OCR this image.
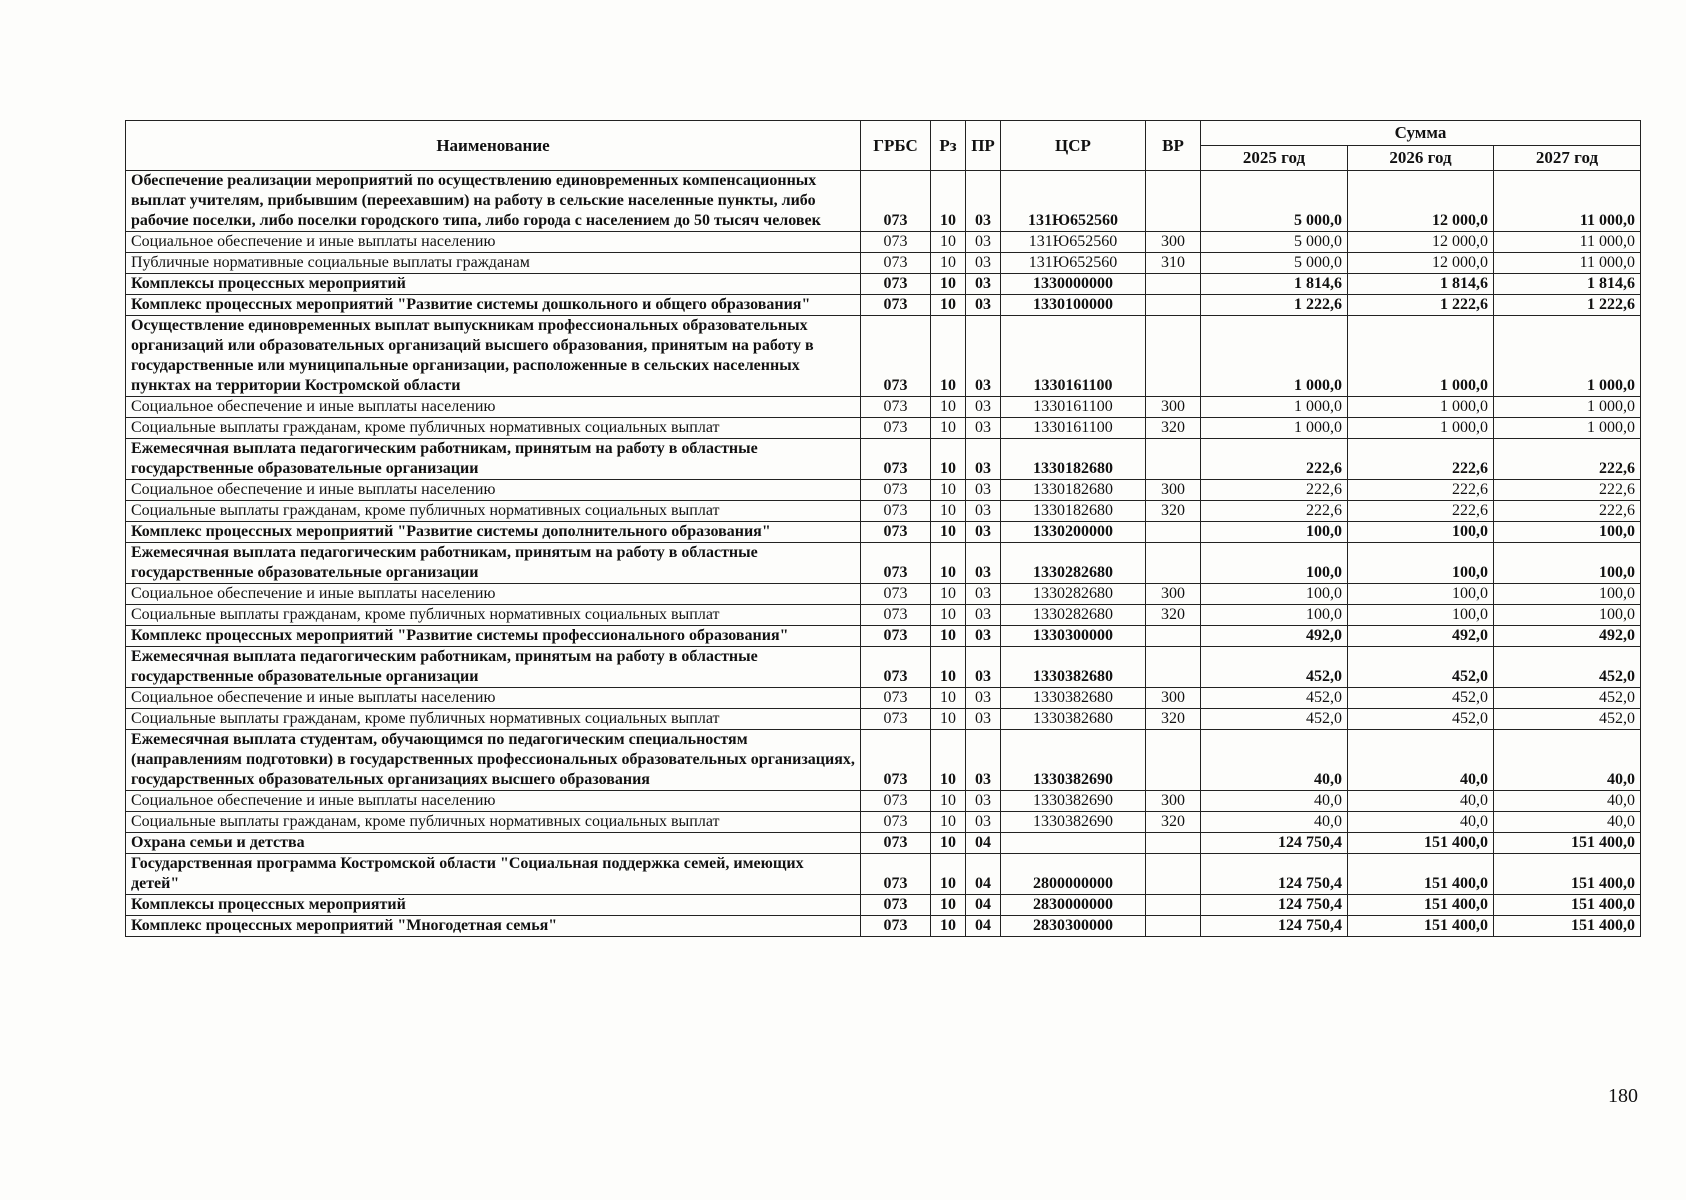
Наименование	ГРБС	Рз	ПР	ЦСР	ВР	Сумма		
						2025 год	2026 год	2027 год
Обеспечение реализации мероприятий по осуществлению единовременных компенсационных выплат учителям, прибывшим (переехавшим) на работу в сельские населенные пункты, либо рабочие поселки, либо поселки городского типа, либо города с населением до 50 тысяч человек	073	10	03	131Ю652560		5 000,0	12 000,0	11 000,0
Социальное обеспечение и иные выплаты населению	073	10	03	131Ю652560	300	5 000,0	12 000,0	11 000,0
Публичные нормативные социальные выплаты гражданам	073	10	03	131Ю652560	310	5 000,0	12 000,0	11 000,0
Комплексы процессных мероприятий	073	10	03	1330000000		1 814,6	1 814,6	1 814,6
Комплекс процессных мероприятий "Развитие системы дошкольного и общего образования"	073	10	03	1330100000		1 222,6	1 222,6	1 222,6
Осуществление единовременных выплат выпускникам профессиональных образовательных организаций или образовательных организаций высшего образования, принятым на работу в государственные или муниципальные организации, расположенные в сельских населенных пунктах на территории Костромской области	073	10	03	1330161100		1 000,0	1 000,0	1 000,0
Социальное обеспечение и иные выплаты населению	073	10	03	1330161100	300	1 000,0	1 000,0	1 000,0
Социальные выплаты гражданам, кроме публичных нормативных социальных выплат	073	10	03	1330161100	320	1 000,0	1 000,0	1 000,0
Ежемесячная выплата педагогическим работникам, принятым на работу в областные государственные образовательные организации	073	10	03	1330182680		222,6	222,6	222,6
Социальное обеспечение и иные выплаты населению	073	10	03	1330182680	300	222,6	222,6	222,6
Социальные выплаты гражданам, кроме публичных нормативных социальных выплат	073	10	03	1330182680	320	222,6	222,6	222,6
Комплекс процессных мероприятий "Развитие системы дополнительного образования"	073	10	03	1330200000		100,0	100,0	100,0
Ежемесячная выплата педагогическим работникам, принятым на работу в областные государственные образовательные организации	073	10	03	1330282680		100,0	100,0	100,0
Социальное обеспечение и иные выплаты населению	073	10	03	1330282680	300	100,0	100,0	100,0
Социальные выплаты гражданам, кроме публичных нормативных социальных выплат	073	10	03	1330282680	320	100,0	100,0	100,0
Комплекс процессных мероприятий "Развитие системы профессионального образования"	073	10	03	1330300000		492,0	492,0	492,0
Ежемесячная выплата педагогическим работникам, принятым на работу в областные государственные образовательные организации	073	10	03	1330382680		452,0	452,0	452,0
Социальное обеспечение и иные выплаты населению	073	10	03	1330382680	300	452,0	452,0	452,0
Социальные выплаты гражданам, кроме публичных нормативных социальных выплат	073	10	03	1330382680	320	452,0	452,0	452,0
Ежемесячная выплата студентам, обучающимся по педагогическим специальностям (направлениям подготовки) в государственных профессиональных образовательных организациях, государственных образовательных организациях высшего образования	073	10	03	1330382690		40,0	40,0	40,0
Социальное обеспечение и иные выплаты населению	073	10	03	1330382690	300	40,0	40,0	40,0
Социальные выплаты гражданам, кроме публичных нормативных социальных выплат	073	10	03	1330382690	320	40,0	40,0	40,0
Охрана семьи и детства	073	10	04			124 750,4	151 400,0	151 400,0
Государственная программа Костромской области "Социальная поддержка семей, имеющих детей"	073	10	04	2800000000		124 750,4	151 400,0	151 400,0
Комплексы процессных мероприятий	073	10	04	2830000000		124 750,4	151 400,0	151 400,0
Комплекс процессных мероприятий "Многодетная семья"	073	10	04	2830300000		124 750,4	151 400,0	151 400,0
180
